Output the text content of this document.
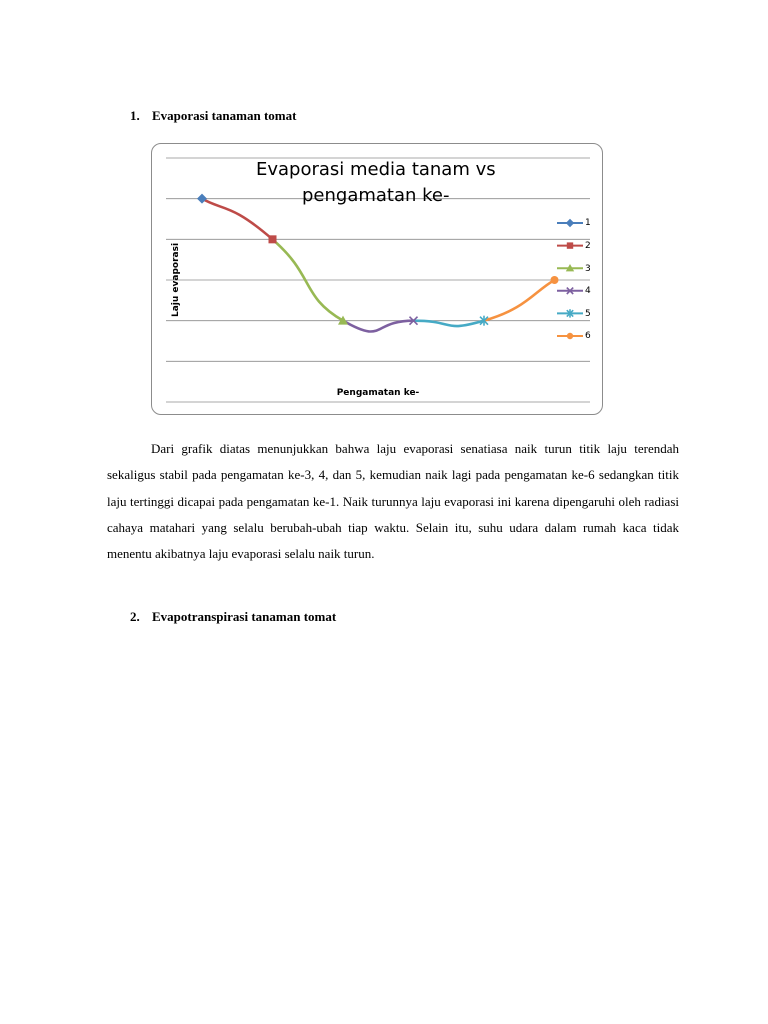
1. Evaporasi tanaman tomat
Evaporasi media tanam vs
pengamatan ke-
Laju evaporasi
Pengamatan ke-
1
2
3
4
5
6

Dari grafik diatas menunjukkan bahwa laju evaporasi senatiasa naik turun titik laju terendah sekaligus stabil pada pengamatan ke-3, 4, dan 5, kemudian naik lagi pada pengamatan ke-6 sedangkan titik laju tertinggi dicapai pada pengamatan ke-1. Naik turunnya laju evaporasi ini karena dipengaruhi oleh radiasi cahaya matahari yang selalu berubah-ubah tiap waktu. Selain itu, suhu udara dalam rumah kaca tidak menentu akibatnya laju evaporasi selalu naik turun.

2. Evapotranspirasi tanaman tomat
